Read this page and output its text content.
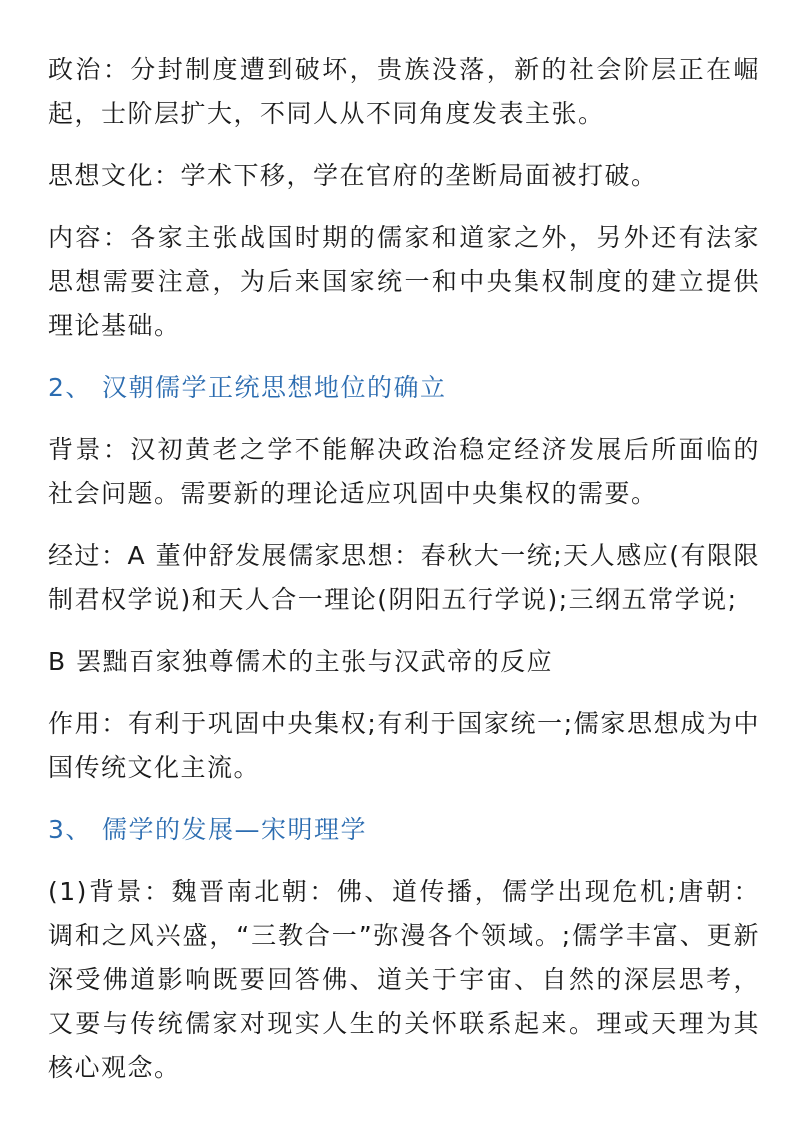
政治：分封制度遭到破坏，贵族没落，新的社会阶层正在崛起，士阶层扩大，不同人从不同角度发表主张。

思想文化：学术下移，学在官府的垄断局面被打破。

内容：各家主张战国时期的儒家和道家之外，另外还有法家思想需要注意，为后来国家统一和中央集权制度的建立提供理论基础。

2、 汉朝儒学正统思想地位的确立

背景：汉初黄老之学不能解决政治稳定经济发展后所面临的社会问题。需要新的理论适应巩固中央集权的需要。

经过：A 董仲舒发展儒家思想：春秋大一统;天人感应(有限限制君权学说)和天人合一理论(阴阳五行学说);三纲五常学说;

B 罢黜百家独尊儒术的主张与汉武帝的反应

作用：有利于巩固中央集权;有利于国家统一;儒家思想成为中国传统文化主流。

3、 儒学的发展—宋明理学

(1)背景：魏晋南北朝：佛、道传播，儒学出现危机;唐朝：调和之风兴盛，“三教合一”弥漫各个领域。;儒学丰富、更新深受佛道影响既要回答佛、道关于宇宙、自然的深层思考，又要与传统儒家对现实人生的关怀联系起来。理或天理为其核心观念。
